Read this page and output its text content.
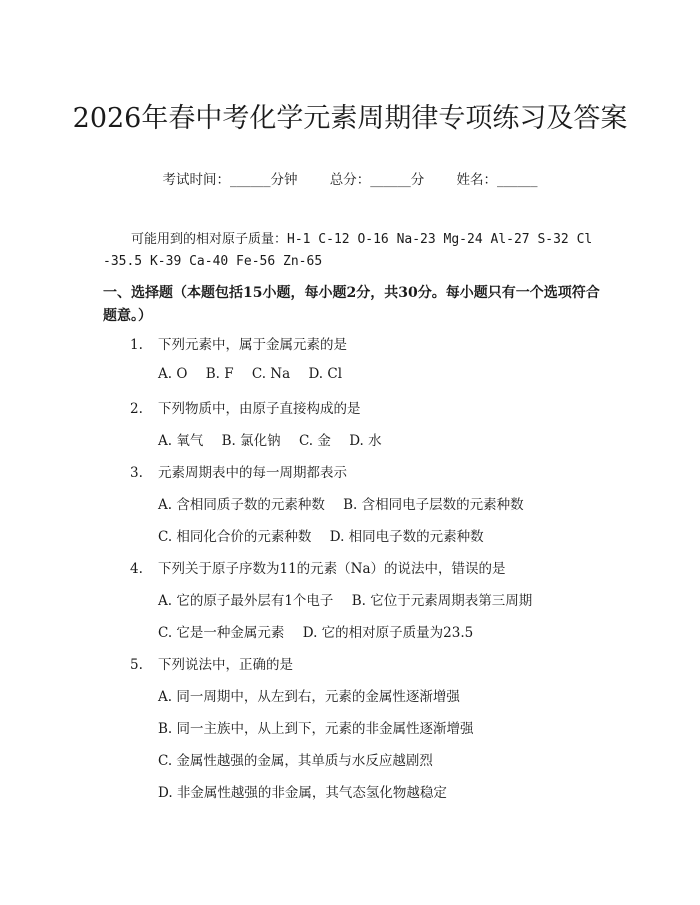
2026年春中考化学元素周期律专项练习及答案
考试时间：______分钟 总分：______分 姓名：______
可能用到的相对原子质量：H-1 C-12 O-16 Na-23 Mg-24 Al-27 S-32 Cl-35.5 K-39 Ca-40 Fe-56 Zn-65
一、选择题（本题包括15小题，每小题2分，共30分。每小题只有一个选项符合题意。）
1. 下列元素中，属于金属元素的是
A. O B. F C. Na D. Cl
2. 下列物质中，由原子直接构成的是
A. 氧气 B. 氯化钠 C. 金 D. 水
3. 元素周期表中的每一周期都表示
A. 含相同质子数的元素种数 B. 含相同电子层数的元素种数
C. 相同化合价的元素种数 D. 相同电子数的元素种数
4. 下列关于原子序数为11的元素（Na）的说法中，错误的是
A. 它的原子最外层有1个电子 B. 它位于元素周期表第三周期
C. 它是一种金属元素 D. 它的相对原子质量为23.5
5. 下列说法中，正确的是
A. 同一周期中，从左到右，元素的金属性逐渐增强
B. 同一主族中，从上到下，元素的非金属性逐渐增强
C. 金属性越强的金属，其单质与水反应越剧烈
D. 非金属性越强的非金属，其气态氢化物越稳定
